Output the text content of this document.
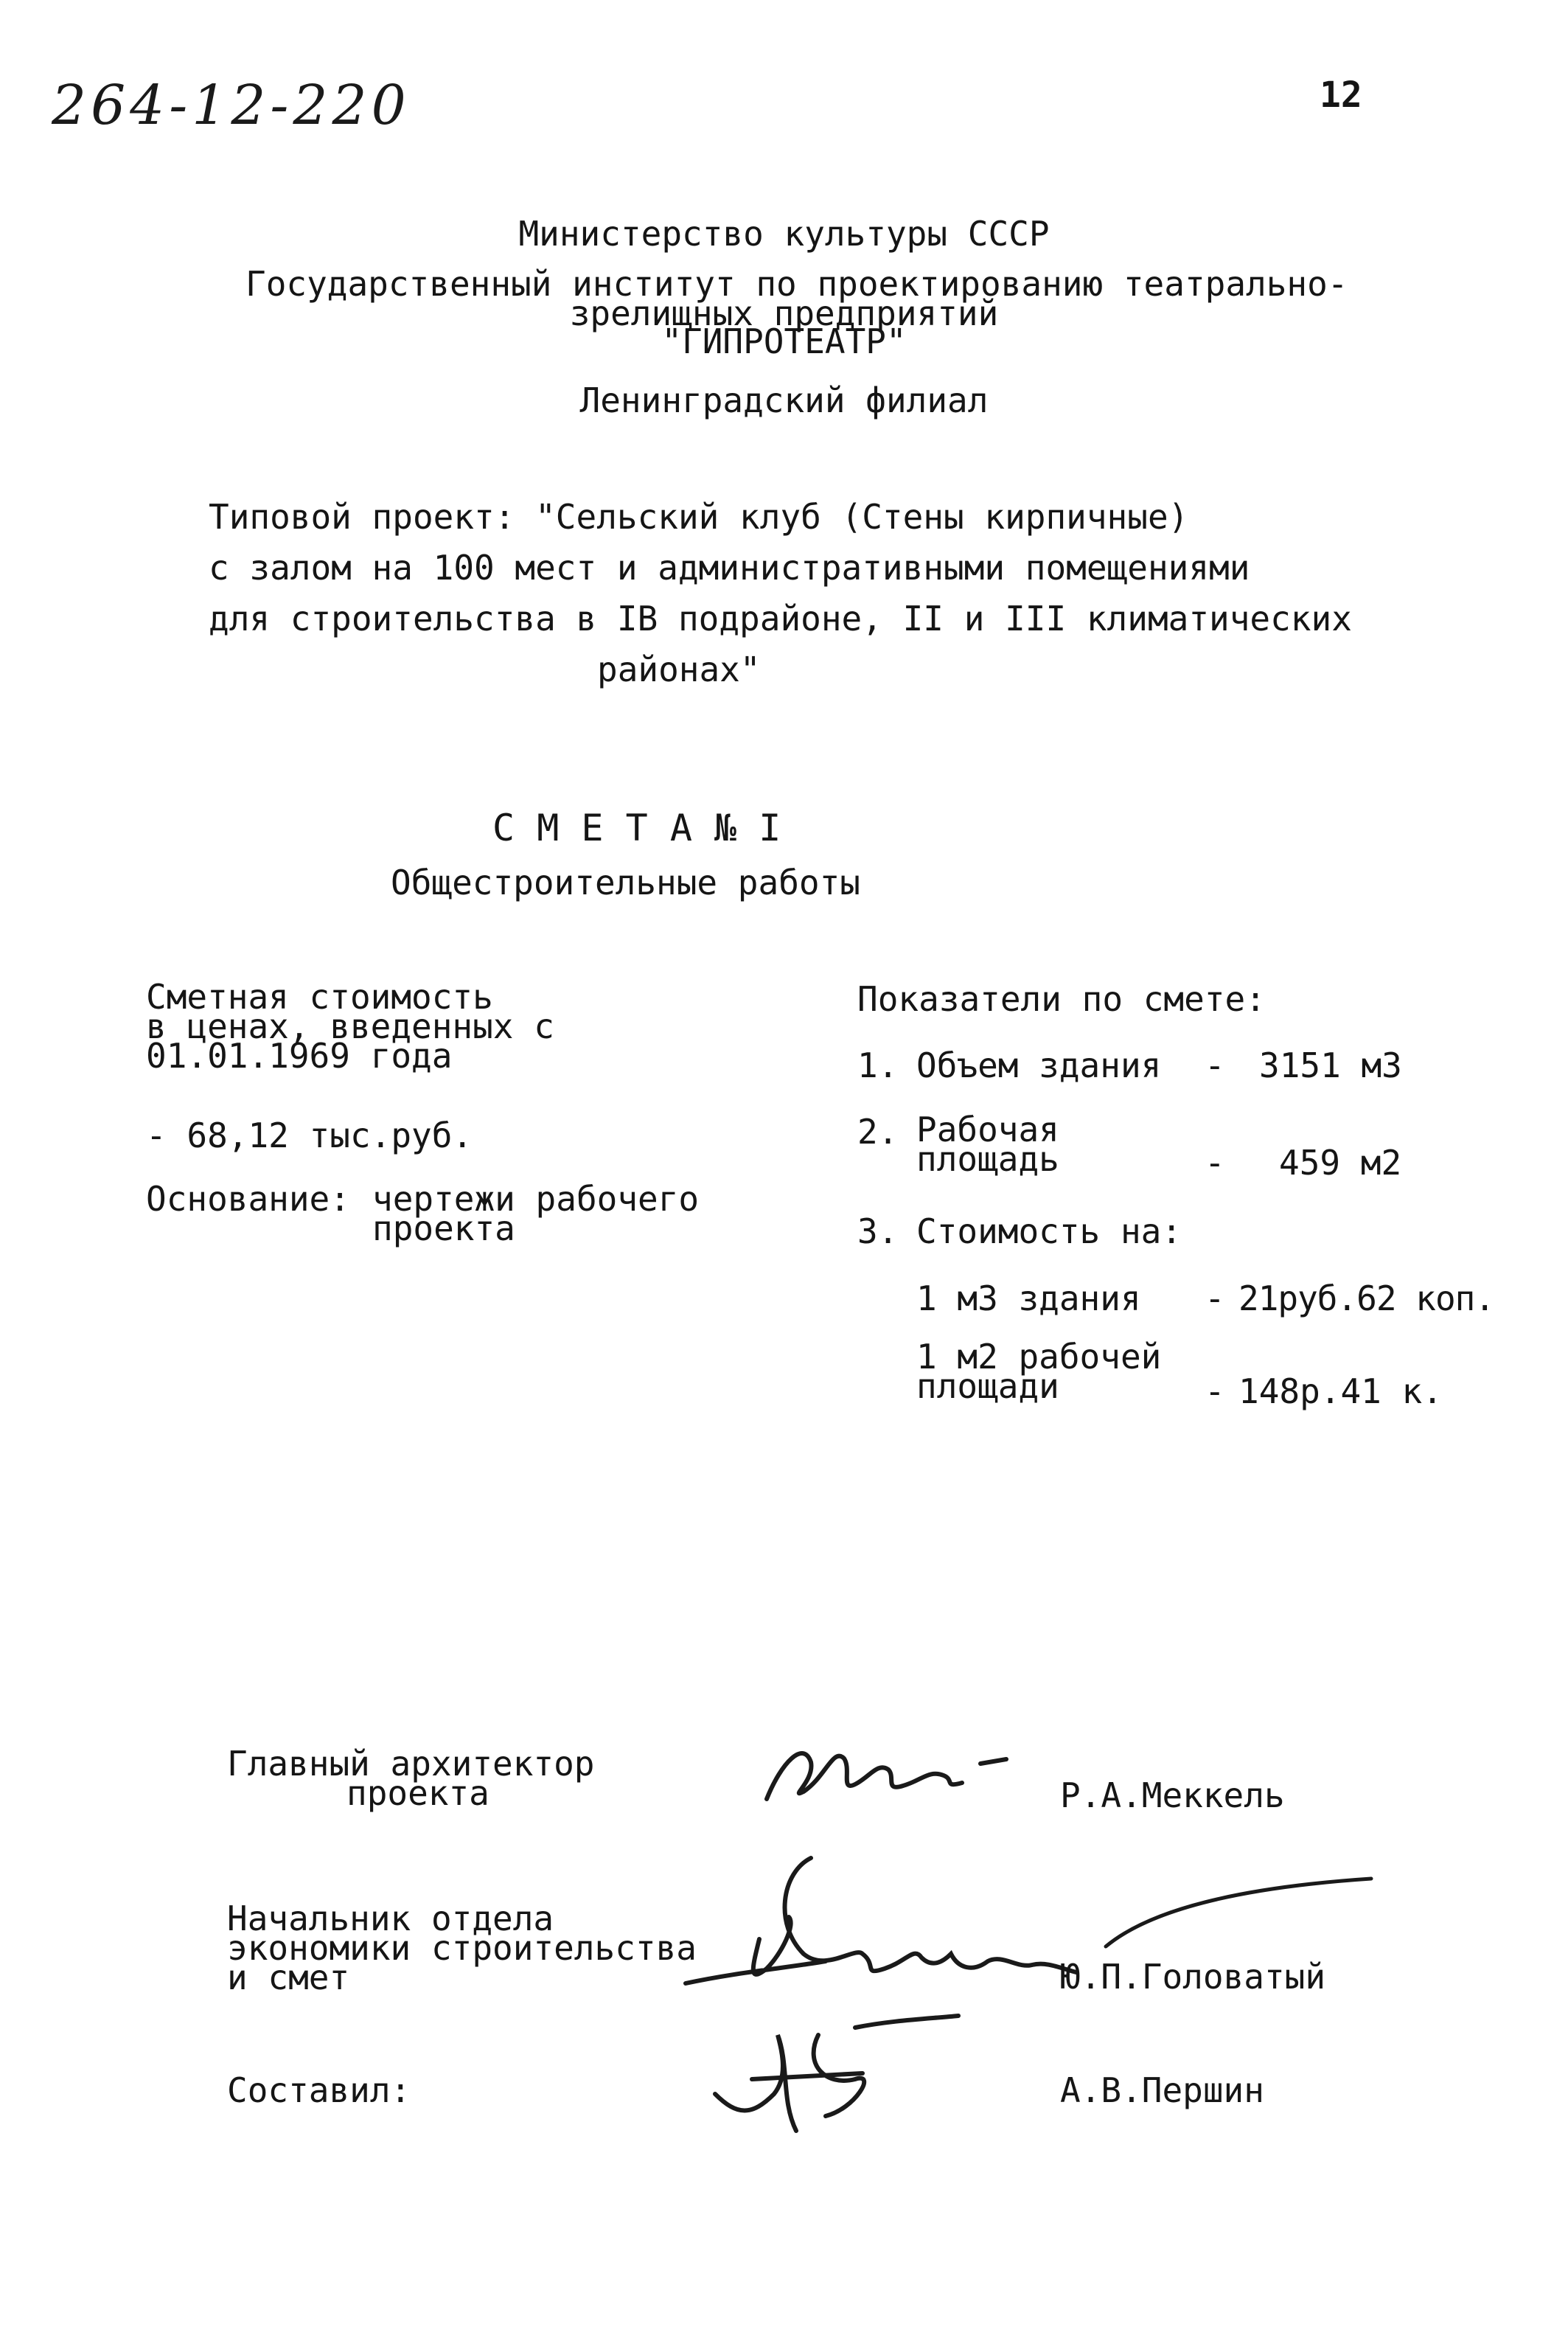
264-12-220	12
Министерство культуры СССР
Государственный институт по проектированию театрально-
зрелищных предприятий
"ГИПРОТЕАТР"
Ленинградский филиал
Типовой проект: "Сельский клуб (Стены кирпичные)
с залом на 100 мест и административными помещениями
для строительства в IВ подрайоне, II и III климатических
районах"
С М Е Т А № I
Общестроительные работы
Сметная стоимость
в ценах, введенных с
01.01.1969 года
- 68,12 тыс.руб.
Основание: чертежи рабочего
проекта
Показатели по смете:
1. Объем здания - 3151 м3
2. Рабочая
площадь	- 459 м2
3. Стоимость на:
1 м3 здания - 21руб.62 коп.
1 м2 рабочей
площади	- 148р.41 к.
Главный архитектор
проекта	Р.А.Меккель
Начальник отдела
экономики строительства
и смет	Ю.П.Головатый
Составил:	А.В.Першин
